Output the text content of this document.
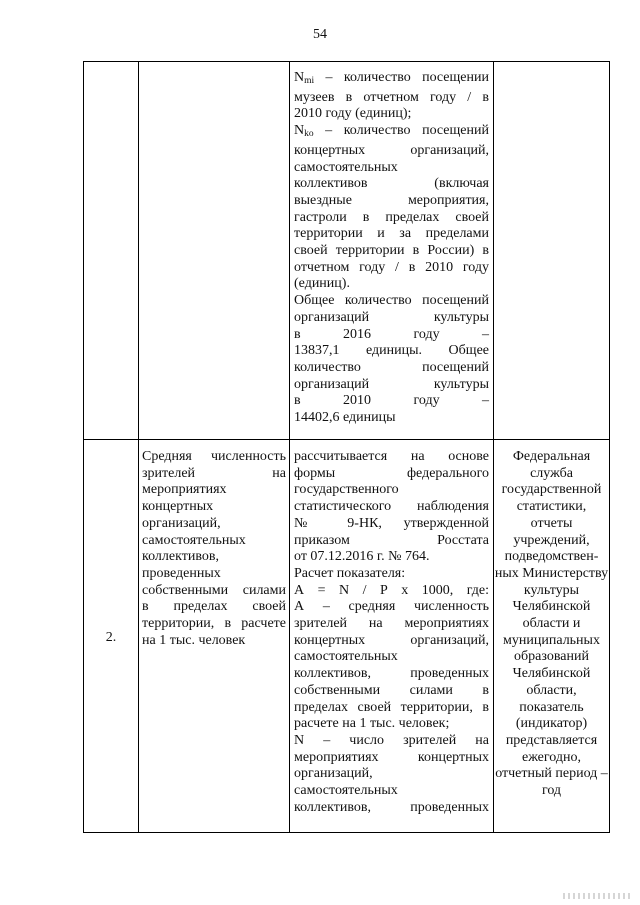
54
$N_{mi}$ – количество посещении
музеев в отчетном году / в
2010 году (единиц);
$N_{ko}$ – количество посещений
концертных организаций,
самостоятельных
коллективов (включая
выездные мероприятия,
гастроли в пределах своей
территории и за пределами
своей территории в России) в
отчетном году / в 2010 году
(единиц).
Общее количество посещений
организаций культуры
в 2016 году –
13837,1 единицы. Общее
количество посещений
организаций культуры
в 2010 году –
14402,6 единицы
2.
Средняя численность
зрителей на
мероприятиях
концертных
организаций,
самостоятельных
коллективов,
проведенных
собственными силами
в пределах своей
территории, в расчете
на 1 тыс. человек
рассчитывается на основе
формы федерального
государственного
статистического наблюдения
№ 9-НК, утвержденной
приказом Росстата
от 07.12.2016 г. № 764.
Расчет показателя:
А = N / Р х 1000, где:
А – средняя численность
зрителей на мероприятиях
концертных организаций,
самостоятельных
коллективов, проведенных
собственными силами в
пределах своей территории, в
расчете на 1 тыс. человек;
N – число зрителей на
мероприятиях концертных
организаций,
самостоятельных
коллективов, проведенных
Федеральная
служба
государственной
статистики,
отчеты
учреждений,
подведомствен-
ных Министерству
культуры
Челябинской
области и
муниципальных
образований
Челябинской
области,
показатель
(индикатор)
представляется
ежегодно,
отчетный период –
год
